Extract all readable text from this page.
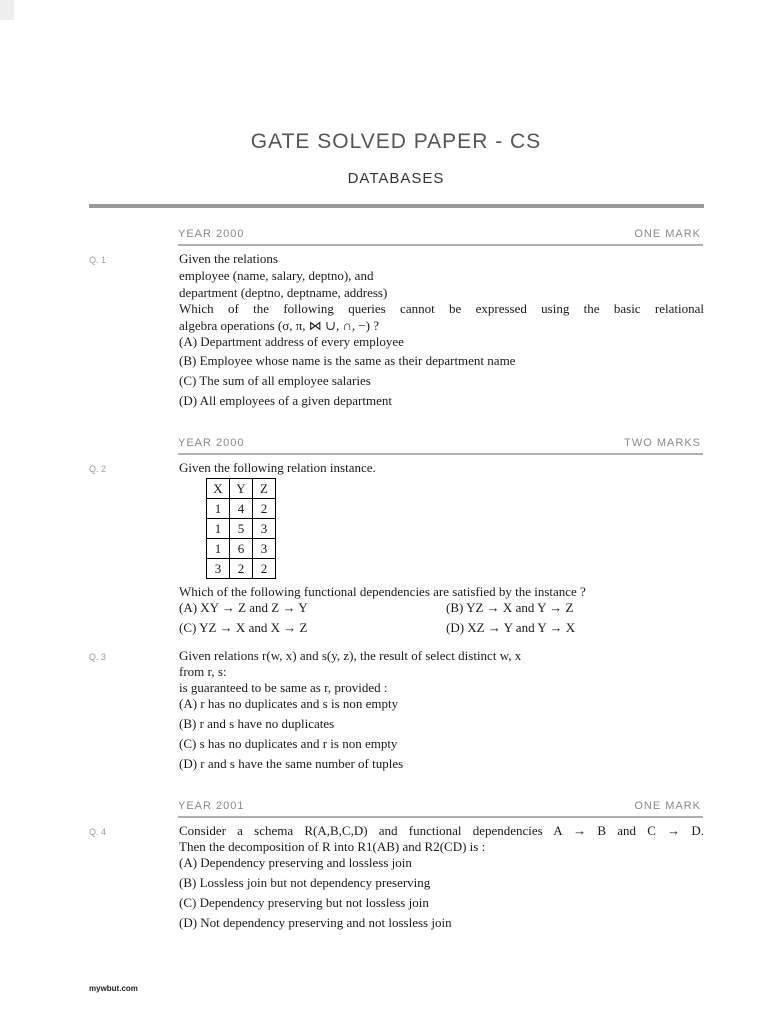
GATE SOLVED PAPER - CS
DATABASES
YEAR 2000	ONE MARK
Q. 1	Given the relations
employee (name, salary, deptno), and
department (deptno, deptname, address)
Which of the following queries cannot be expressed using the basic relational
algebra operations (σ, π, ⋈ ∪, ∩, −) ?
(A) Department address of every employee
(B) Employee whose name is the same as their department name
(C) The sum of all employee salaries
(D) All employees of a given department
YEAR 2000	TWO MARKS
Q. 2	Given the following relation instance.
X	Y	Z
1	4	2
1	5	3
1	6	3
3	2	2
Which of the following functional dependencies are satisfied by the instance ?
(A) XY → Z and Z → Y	(B) YZ → X and Y → Z
(C) YZ → X and X → Z	(D) XZ → Y and Y → X
Q. 3	Given relations r(w, x) and s(y, z), the result of select distinct w, x
from r, s:
is guaranteed to be same as r, provided :
(A) r has no duplicates and s is non empty
(B) r and s have no duplicates
(C) s has no duplicates and r is non empty
(D) r and s have the same number of tuples
YEAR 2001	ONE MARK
Q. 4	Consider a schema R(A,B,C,D) and functional dependencies A → B and C → D.
Then the decomposition of R into R1(AB) and R2(CD) is :
(A) Dependency preserving and lossless join
(B) Lossless join but not dependency preserving
(C) Dependency preserving but not lossless join
(D) Not dependency preserving and not lossless join
mywbut.com
